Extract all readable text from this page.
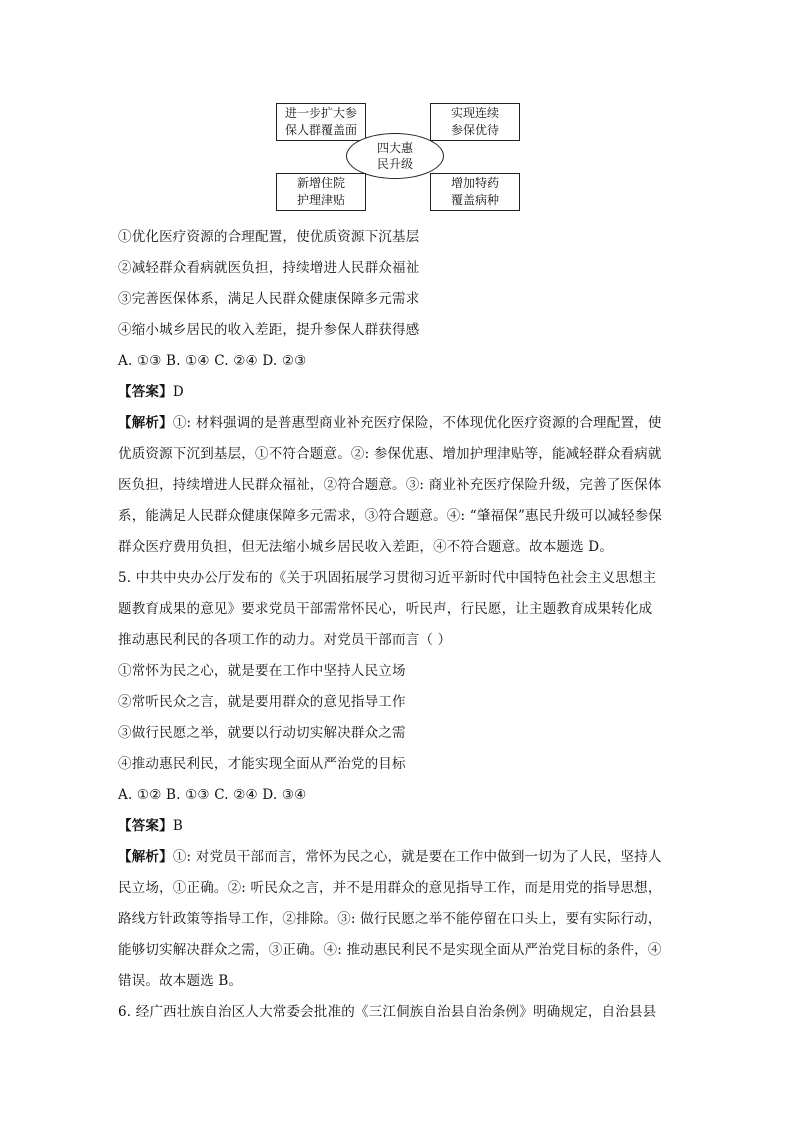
进一步扩大参
保人群覆盖面
实现连续
参保优待
四大惠
民升级
新增住院
护理津贴
增加特药
覆盖病种

①优化医疗资源的合理配置，使优质资源下沉基层

②减轻群众看病就医负担，持续增进人民群众福祉

③完善医保体系，满足人民群众健康保障多元需求

④缩小城乡居民的收入差距，提升参保人群获得感

A. ①③ B. ①④ C. ②④ D. ②③

【答案】D

【解析】①: 材料强调的是普惠型商业补充医疗保险，不体现优化医疗资源的合理配置，使

优质资源下沉到基层，①不符合题意。②: 参保优惠、增加护理津贴等，能减轻群众看病就

医负担，持续增进人民群众福祉，②符合题意。③: 商业补充医疗保险升级，完善了医保体

系，能满足人民群众健康保障多元需求，③符合题意。④: “肇福保”惠民升级可以减轻参保

群众医疗费用负担，但无法缩小城乡居民收入差距，④不符合题意。故本题选 D。

5. 中共中央办公厅发布的《关于巩固拓展学习贯彻习近平新时代中国特色社会主义思想主

题教育成果的意见》要求党员干部需常怀民心，听民声，行民愿，让主题教育成果转化成

推动惠民利民的各项工作的动力。对党员干部而言（ ）

①常怀为民之心，就是要在工作中坚持人民立场

②常听民众之言，就是要用群众的意见指导工作

③做行民愿之举，就要以行动切实解决群众之需

④推动惠民利民，才能实现全面从严治党的目标

A. ①② B. ①③ C. ②④ D. ③④

【答案】B

【解析】①: 对党员干部而言，常怀为民之心，就是要在工作中做到一切为了人民，坚持人

民立场，①正确。②: 听民众之言，并不是用群众的意见指导工作，而是用党的指导思想，

路线方针政策等指导工作，②排除。③: 做行民愿之举不能停留在口头上，要有实际行动，

能够切实解决群众之需，③正确。④: 推动惠民利民不是实现全面从严治党目标的条件，④

错误。故本题选 B。

6. 经广西壮族自治区人大常委会批准的《三江侗族自治县自治条例》明确规定，自治县县
